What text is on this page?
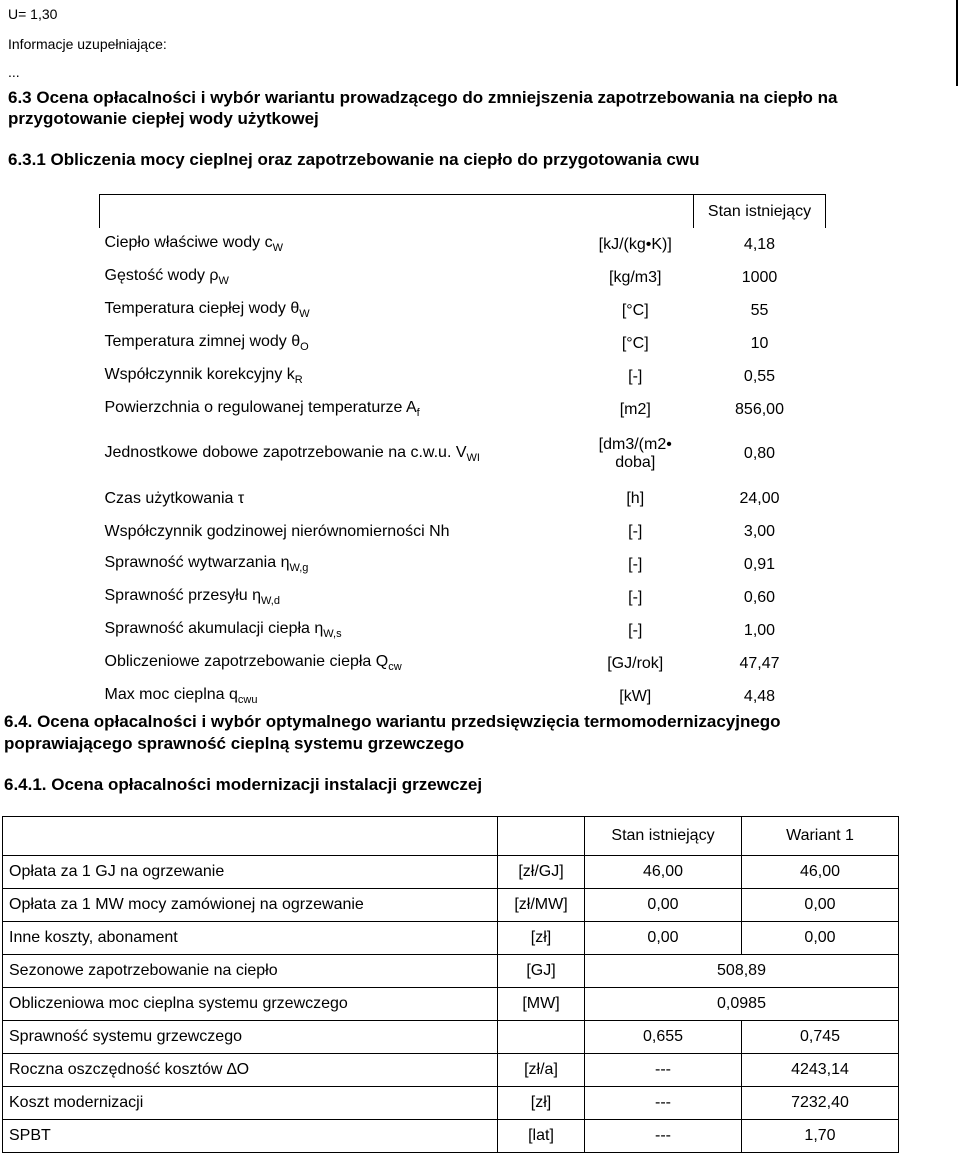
U= 1,30
Informacje uzupełniające:
...
6.3 Ocena opłacalności i wybór wariantu prowadzącego do zmniejszenia zapotrzebowania na ciepło na
przygotowanie ciepłej wody użytkowej
6.3.1 Obliczenia mocy cieplnej oraz zapotrzebowanie na ciepło do przygotowania cwu
		Stan istniejący
Ciepło właściwe wody $c_W$	[kJ/(kg•K)]	4,18
Gęstość wody $\rho_W$	[kg/m3]	1000
Temperatura ciepłej wody $\theta_W$	[°C]	55
Temperatura zimnej wody $\theta_O$	[°C]	10
Współczynnik korekcyjny $k_R$	[-]	0,55
Powierzchnia o regulowanej temperaturze $A_f$	[m2]	856,00
Jednostkowe dobowe zapotrzebowanie na c.w.u. $V_{WI}$	[dm3/(m2• doba]	0,80
Czas użytkowania τ	[h]	24,00
Współczynnik godzinowej nierównomierności Nh	[-]	3,00
Sprawność wytwarzania $\eta_{W,g}$	[-]	0,91
Sprawność przesyłu $\eta_{W,d}$	[-]	0,60
Sprawność akumulacji ciepła $\eta_{W,s}$	[-]	1,00
Obliczeniowe zapotrzebowanie ciepła $Q_{cw}$	[GJ/rok]	47,47
Max moc cieplna $q_{cwu}$	[kW]	4,48
6.4. Ocena opłacalności i wybór optymalnego wariantu przedsięwzięcia termomodernizacyjnego
poprawiającego sprawność cieplną systemu grzewczego
6.4.1. Ocena opłacalności modernizacji instalacji grzewczej
		Stan istniejący	Wariant 1
Opłata za 1 GJ na ogrzewanie	[zł/GJ]	46,00	46,00
Opłata za 1 MW mocy zamówionej na ogrzewanie	[zł/MW]	0,00	0,00
Inne koszty, abonament	[zł]	0,00	0,00
Sezonowe zapotrzebowanie na ciepło	[GJ]	508,89	
Obliczeniowa moc cieplna systemu grzewczego	[MW]	0,0985	
Sprawność systemu grzewczego		0,655	0,745
Roczna oszczędność kosztów ∆O	[zł/a]	---	4243,14
Koszt modernizacji	[zł]	---	7232,40
SPBT	[lat]	---	1,70
